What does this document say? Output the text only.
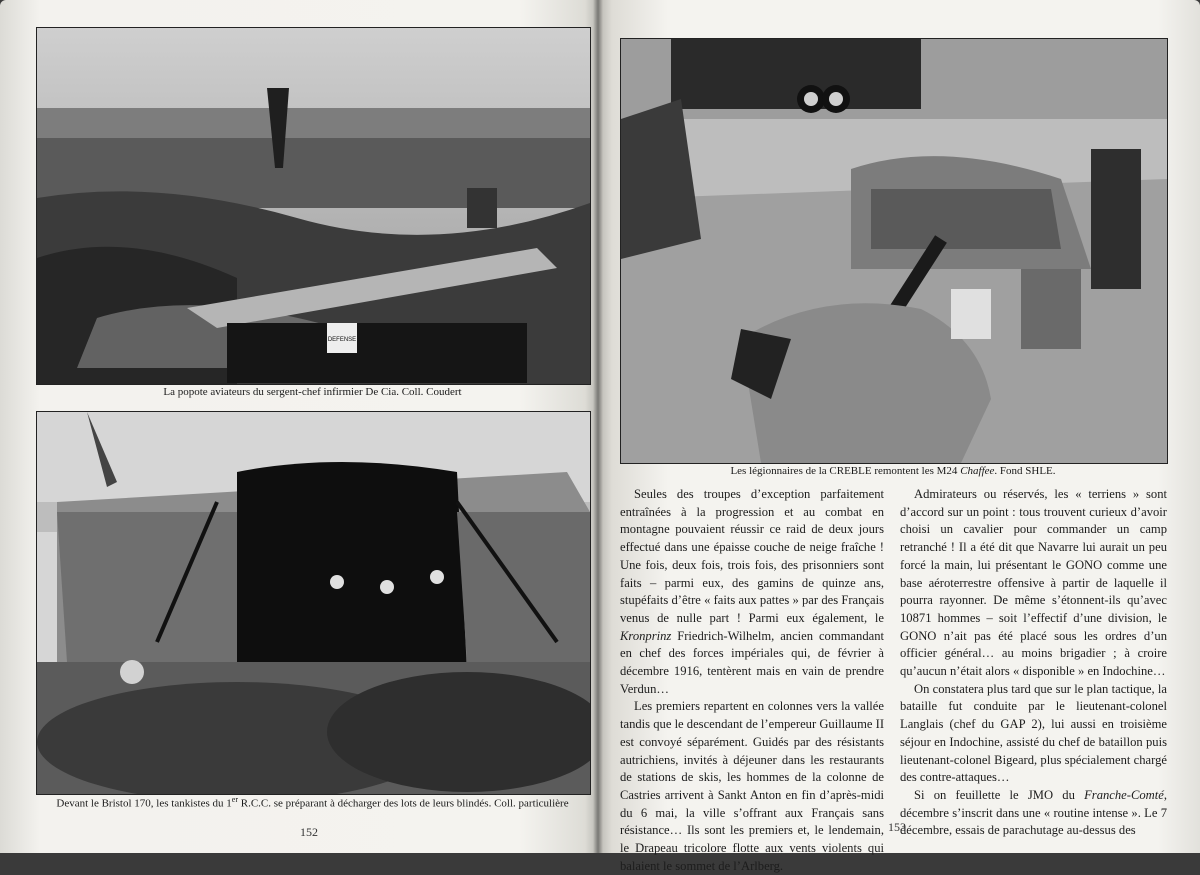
DEFENSE
La popote aviateurs du sergent-chef infirmier De Cia. Coll. Coudert
Devant le Bristol 170, les tankistes du 1er R.C.C. se préparant à décharger des lots de leurs blindés. Coll. particulière
152
Les légionnaires de la CREBLE remontent les M24 Chaffee. Fond SHLE.

Seules des troupes d’exception parfaitement entraînées à la progression et au combat en montagne pouvaient réussir ce raid de deux jours effectué dans une épaisse couche de neige fraîche ! Une fois, deux fois, trois fois, des prisonniers sont faits – parmi eux, des gamins de quinze ans, stupéfaits d’être « faits aux pattes » par des Français venus de nulle part ! Parmi eux également, le Kronprinz Friedrich-Wilhelm, ancien commandant en chef des forces impériales qui, de février à décembre 1916, tentèrent mais en vain de prendre Verdun…

Les premiers repartent en colonnes vers la vallée tandis que le descendant de l’empereur Guillaume II est convoyé séparément. Guidés par des résistants autrichiens, invités à déjeuner dans les restaurants de stations de skis, les hommes de la colonne de Castries arrivent à Sankt Anton en fin d’après-midi du 6 mai, la ville s’offrant aux Français sans résistance… Ils sont les premiers et, le lendemain, le Drapeau tricolore flotte aux vents violents qui balaient le sommet de l’Arlberg.

Admirateurs ou réservés, les « terriens » sont d’accord sur un point : tous trouvent curieux d’avoir choisi un cavalier pour commander un camp retranché ! Il a été dit que Navarre lui aurait un peu forcé la main, lui présentant le GONO comme une base aéroterrestre offensive à partir de laquelle il pourra rayonner. De même s’étonnent-ils qu’avec 10871 hommes – soit l’effectif d’une division, le GONO n’ait pas été placé sous les ordres d’un officier général… au moins brigadier ; à croire qu’aucun n’était alors « disponible » en Indochine…

On constatera plus tard que sur le plan tactique, la bataille fut conduite par le lieutenant-colonel Langlais (chef du GAP 2), lui aussi en troisième séjour en Indochine, assisté du chef de bataillon puis lieutenant-colonel Bigeard, plus spécialement chargé des contre-attaques…

Si on feuillette le JMO du Franche-Comté, décembre s’inscrit dans une « routine intense ». Le 7 décembre, essais de parachutage au-dessus des

153
